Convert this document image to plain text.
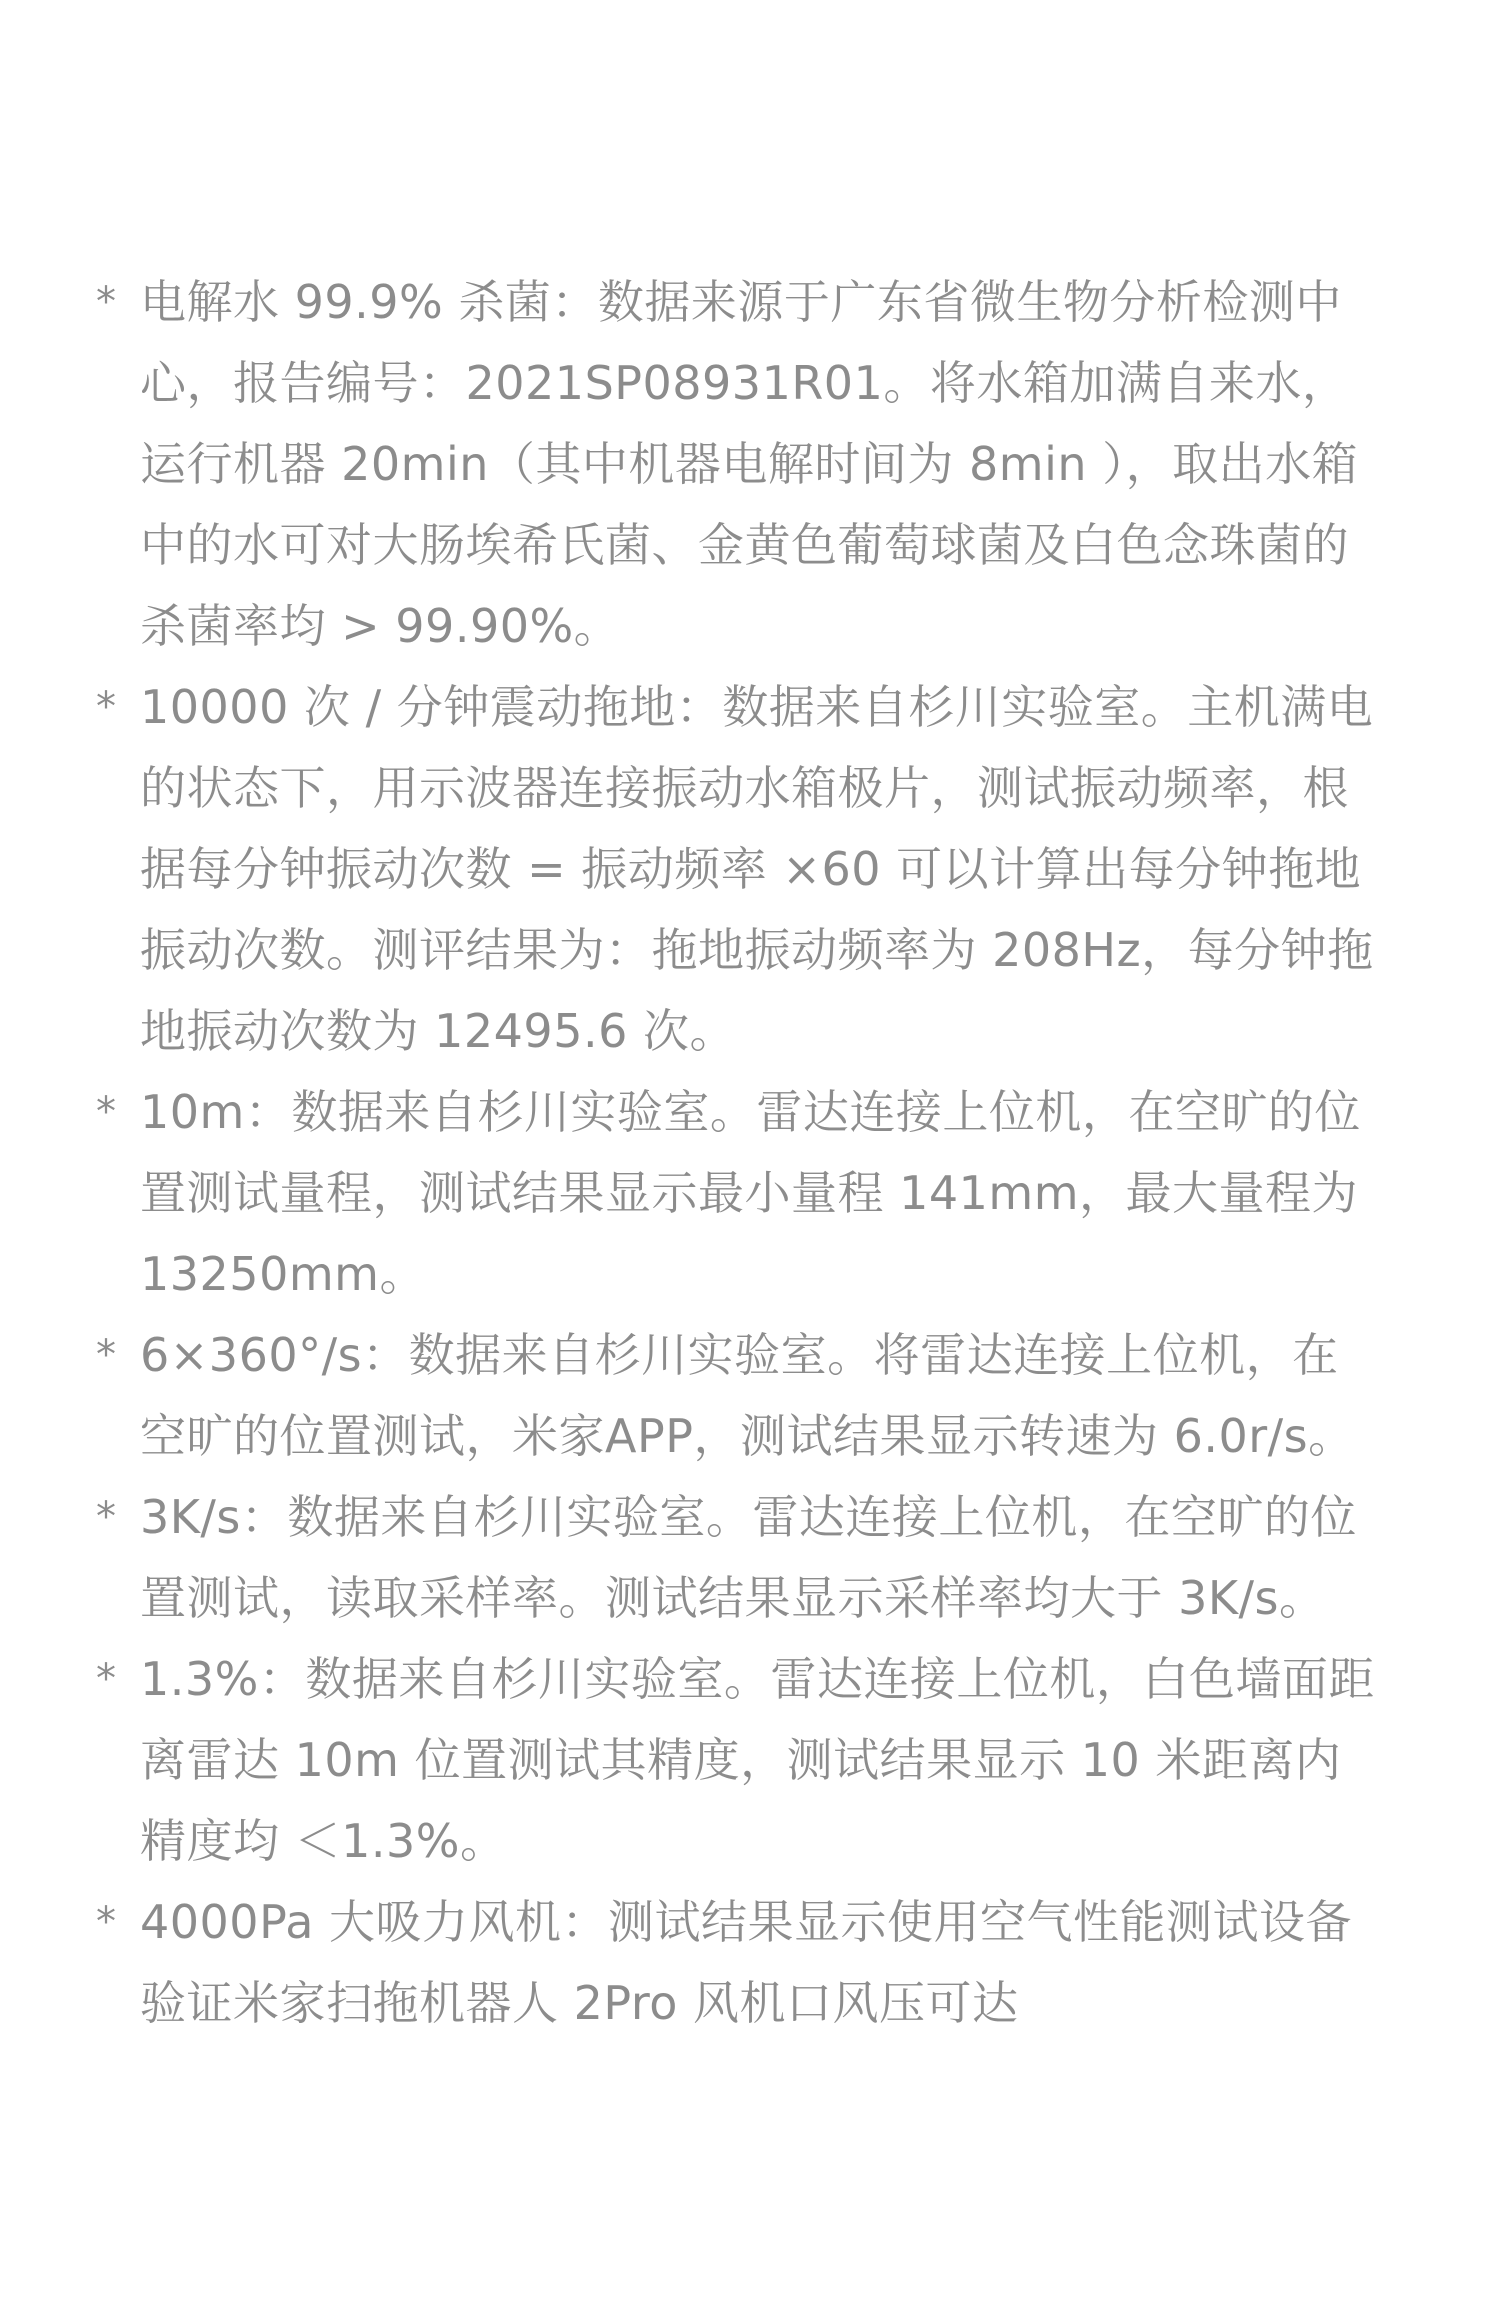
* 电解水 99.9% 杀菌：数据来源于广东省微生物分析检测中心，报告编号：2021SP08931R01。将水箱加满自来水，运行机器 20min（其中机器电解时间为 8min ），取出水箱中的水可对大肠埃希氏菌、金黄色葡萄球菌及白色念珠菌的杀菌率均 > 99.90%。
* 10000 次 / 分钟震动拖地：数据来自杉川实验室。主机满电的状态下，用示波器连接振动水箱极片，测试振动频率，根据每分钟振动次数 = 振动频率 ×60 可以计算出每分钟拖地振动次数。测评结果为：拖地振动频率为 208Hz，每分钟拖地振动次数为 12495.6 次。
* 10m：数据来自杉川实验室。雷达连接上位机，在空旷的位置测试量程，测试结果显示最小量程 141mm，最大量程为 13250mm。
* 6×360°/s：数据来自杉川实验室。将雷达连接上位机，在空旷的位置测试，米家APP，测试结果显示转速为 6.0r/s。
* 3K/s：数据来自杉川实验室。雷达连接上位机，在空旷的位置测试，读取采样率。测试结果显示采样率均大于 3K/s。
* 1.3%：数据来自杉川实验室。雷达连接上位机，白色墙面距离雷达 10m 位置测试其精度，测试结果显示 10 米距离内精度均 ＜1.3%。
* 4000Pa 大吸力风机：测试结果显示使用空气性能测试设备验证米家扫拖机器人 2Pro 风机口风压可达
